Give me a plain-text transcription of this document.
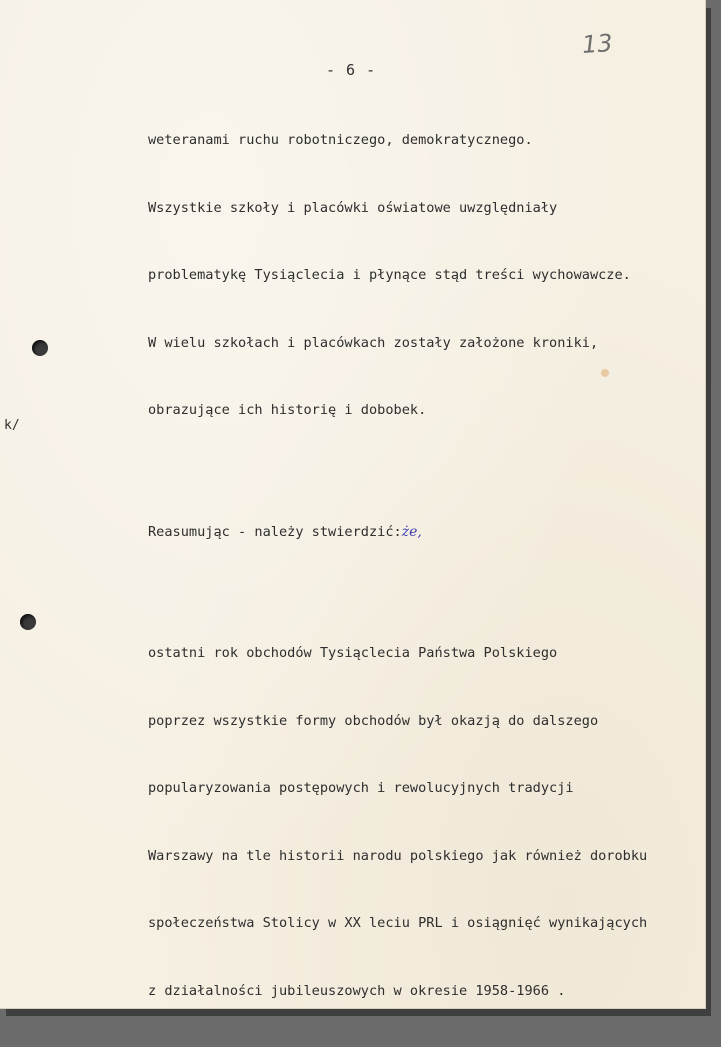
- 6 -
13

weteranami ruchu robotniczego, demokratycznego.

Wszystkie szkoły i placówki oświatowe uwzględniały

problematykę Tysiąclecia i płynące stąd treści wychowawcze.

W wielu szkołach i placówkach zostały założone kroniki,

obrazujące ich historię i dobobek.

Reasumując - należy stwierdzić:że,

ostatni rok obchodów Tysiąclecia Państwa Polskiego

poprzez wszystkie formy obchodów był okazją do dalszego

popularyzowania postępowych i rewolucyjnych tradycji

Warszawy na tle historii narodu polskiego jak również dorobku

społeczeństwa Stolicy w XX leciu PRL i osiągnięć wynikających

z działalności jubileuszowych w okresie 1958-1966 .

k/
